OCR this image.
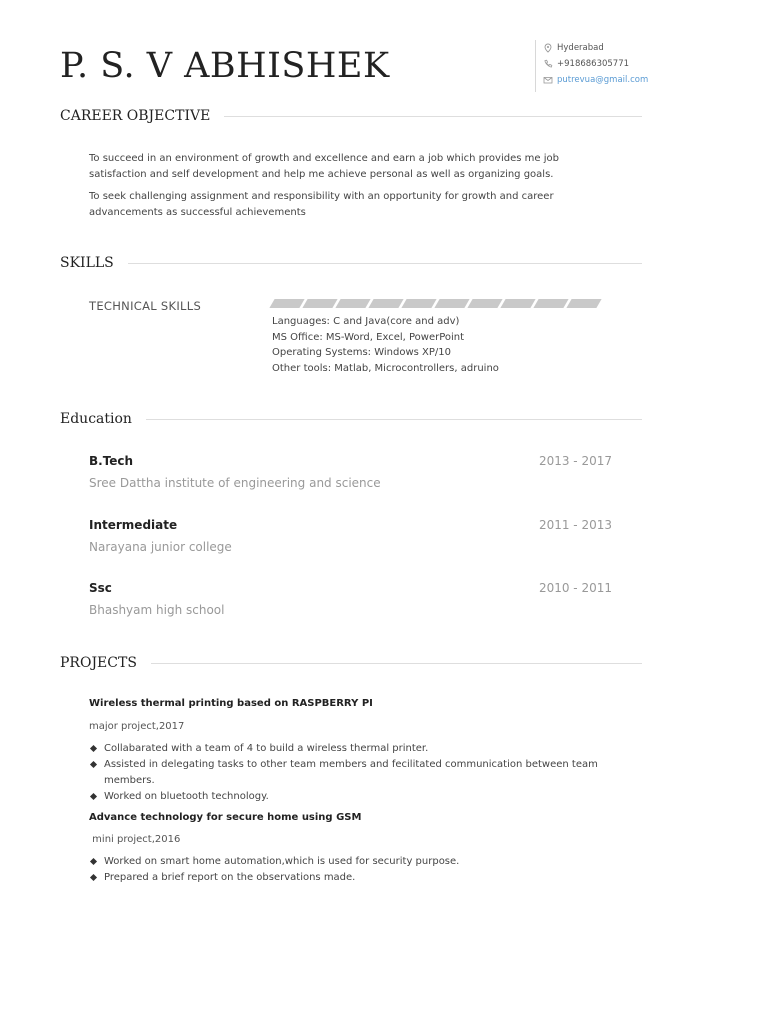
P. S. V ABHISHEK	Hyderabad
+918686305771
putrevua@gmail.com
CAREER OBJECTIVE

To succeed in an environment of growth and excellence and earn a job which provides me job satisfaction and self development and help me achieve personal as well as organizing goals.

To seek challenging assignment and responsibility with an opportunity for growth and career advancements as successful achievements

SKILLS
TECHNICAL SKILLS
Languages: C and Java(core and adv)
MS Office: MS-Word, Excel, PowerPoint
Operating Systems: Windows XP/10
Other tools: Matlab, Microcontrollers, adruino
Education
B.Tech	2013 - 2017
Sree Dattha institute of engineering and science
Intermediate	2011 - 2013
Narayana junior college
Ssc	2010 - 2011
Bhashyam high school
PROJECTS
Wireless thermal printing based on RASPBERRY PI
major project,2017
Collabarated with a team of 4 to build a wireless thermal printer.
Assisted in delegating tasks to other team members and fecilitated communication between team members.
Worked on bluetooth technology.
Advance technology for secure home using GSM
mini project,2016
Worked on smart home automation,which is used for security purpose.
Prepared a brief report on the observations made.
